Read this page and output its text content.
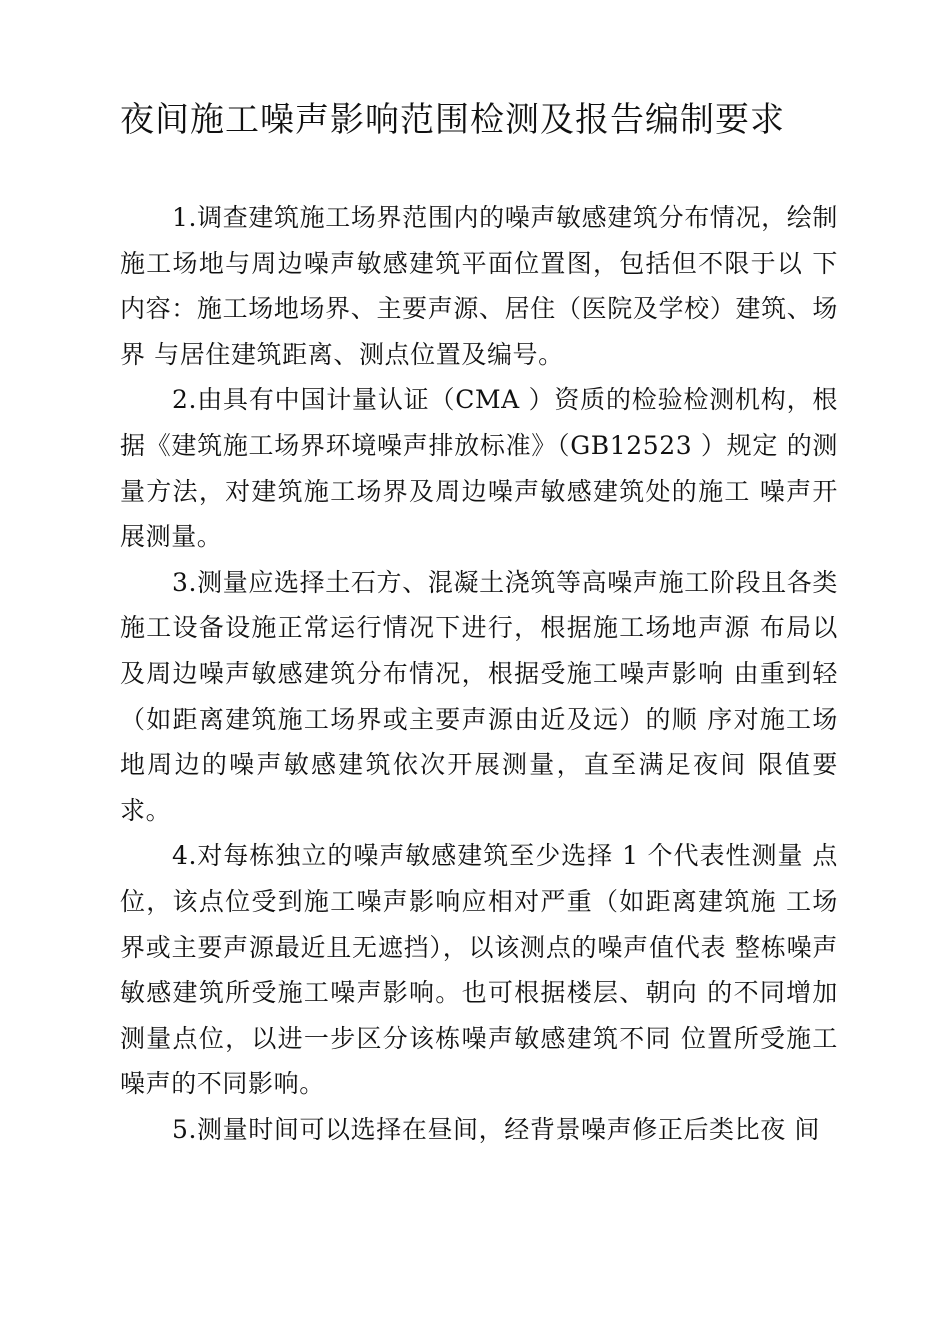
夜间施工噪声影响范围检测及报告编制要求

1.调查建筑施工场界范围内的噪声敏感建筑分布情况，绘制施工场地与周边噪声敏感建筑平面位置图，包括但不限于以 下内容：施工场地场界、主要声源、居住（医院及学校）建筑、场界 与居住建筑距离、测点位置及编号。

2.由具有中国计量认证（CMA ）资质的检验检测机构，根据《建筑施工场界环境噪声排放标准》（GB12523 ）规定 的测量方法，对建筑施工场界及周边噪声敏感建筑处的施工 噪声开展测量。

3.测量应选择土石方、混凝土浇筑等高噪声施工阶段且各类施工设备设施正常运行情况下进行，根据施工场地声源 布局以及周边噪声敏感建筑分布情况，根据受施工噪声影响 由重到轻（如距离建筑施工场界或主要声源由近及远）的顺 序对施工场地周边的噪声敏感建筑依次开展测量，直至满足夜间 限值要求。

4.对每栋独立的噪声敏感建筑至少选择 1 个代表性测量 点位，该点位受到施工噪声影响应相对严重（如距离建筑施 工场界或主要声源最近且无遮挡），以该测点的噪声值代表 整栋噪声敏感建筑所受施工噪声影响。也可根据楼层、朝向 的不同增加测量点位，以进一步区分该栋噪声敏感建筑不同 位置所受施工噪声的不同影响。

5.测量时间可以选择在昼间，经背景噪声修正后类比夜 间
